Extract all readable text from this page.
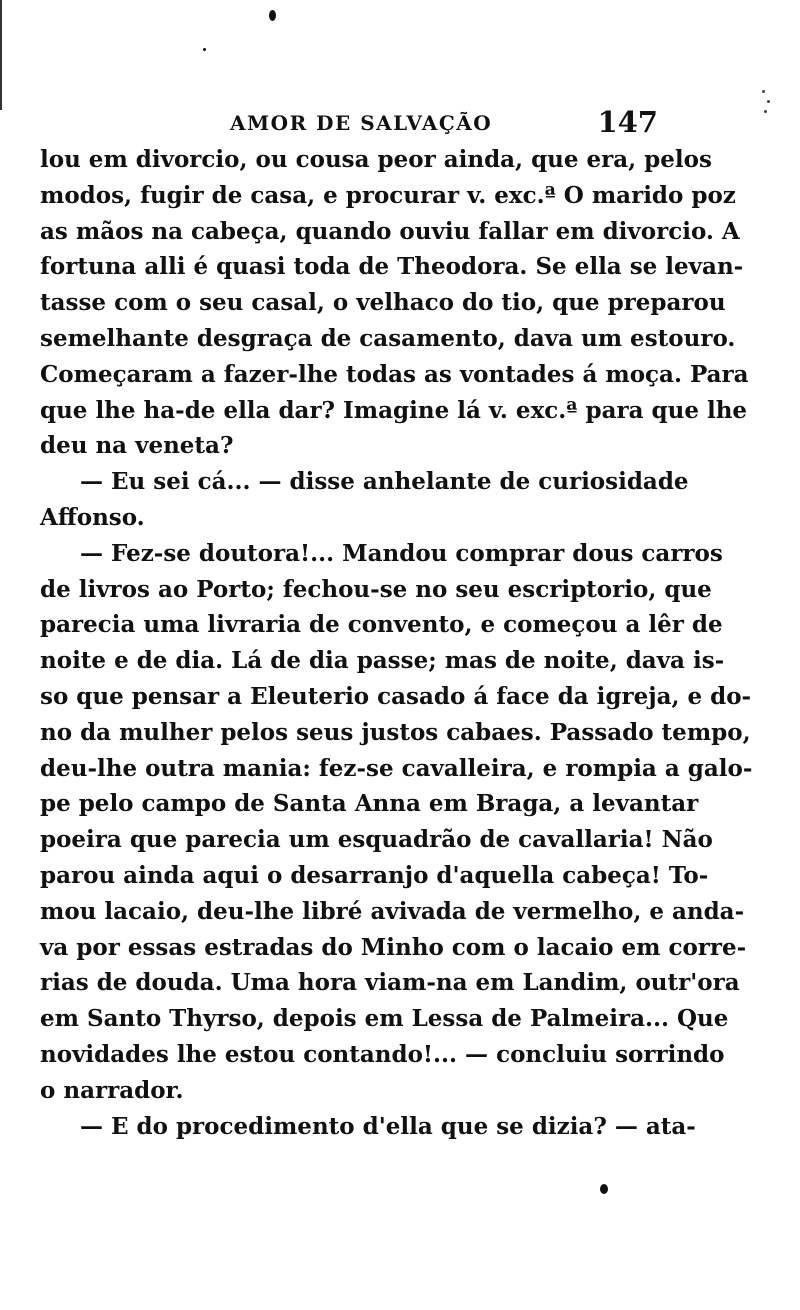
AMOR DE SALVAÇÃO	147
lou em divorcio, ou cousa peor ainda, que era, pelos
modos, fugir de casa, e procurar v. exc.ª O marido poz
as mãos na cabeça, quando ouviu fallar em divorcio. A
fortuna alli é quasi toda de Theodora. Se ella se levan-
tasse com o seu casal, o velhaco do tio, que preparou
semelhante desgraça de casamento, dava um estouro.
Começaram a fazer-lhe todas as vontades á moça. Para
que lhe ha-de ella dar? Imagine lá v. exc.ª para que lhe
deu na veneta?
— Eu sei cá... — disse anhelante de curiosidade
Affonso.
— Fez-se doutora!... Mandou comprar dous carros
de livros ao Porto; fechou-se no seu escriptorio, que
parecia uma livraria de convento, e começou a lêr de
noite e de dia. Lá de dia passe; mas de noite, dava is-
so que pensar a Eleuterio casado á face da igreja, e do-
no da mulher pelos seus justos cabaes. Passado tempo,
deu-lhe outra mania: fez-se cavalleira, e rompia a galo-
pe pelo campo de Santa Anna em Braga, a levantar
poeira que parecia um esquadrão de cavallaria! Não
parou ainda aqui o desarranjo d'aquella cabeça! To-
mou lacaio, deu-lhe libré avivada de vermelho, e anda-
va por essas estradas do Minho com o lacaio em corre-
rias de douda. Uma hora viam-na em Landim, outr'ora
em Santo Thyrso, depois em Lessa de Palmeira... Que
novidades lhe estou contando!... — concluiu sorrindo
o narrador.
— E do procedimento d'ella que se dizia? — ata-
